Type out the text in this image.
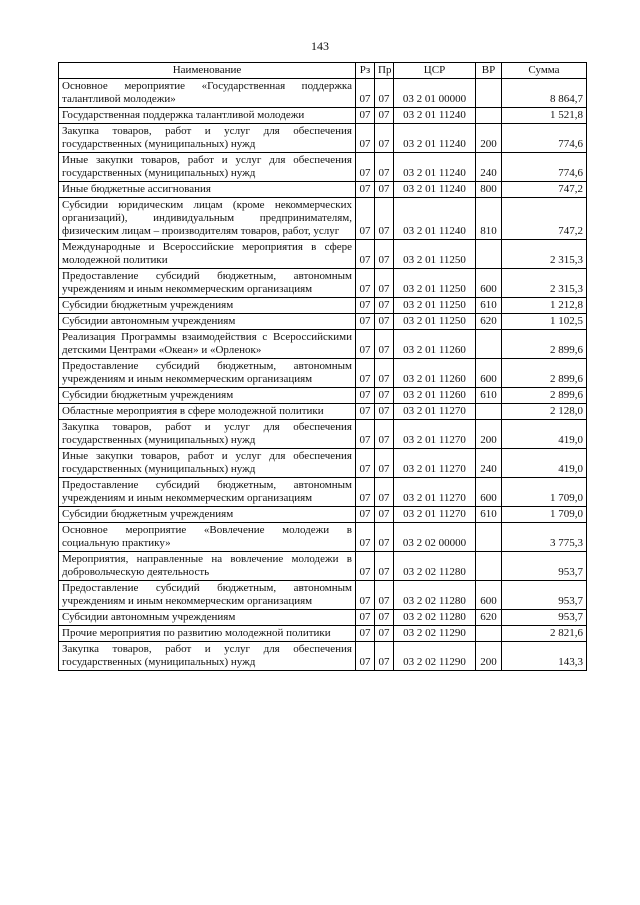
143
Наименование	Рз	Пр	ЦСР	ВР	Сумма
Основное мероприятие «Государственная поддержка талантливой молодежи»	07	07	03 2 01 00000		8 864,7
Государственная поддержка талантливой молодежи	07	07	03 2 01 11240		1 521,8
Закупка товаров, работ и услуг для обеспечения государственных (муниципальных) нужд	07	07	03 2 01 11240	200	774,6
Иные закупки товаров, работ и услуг для обеспечения государственных (муниципальных) нужд	07	07	03 2 01 11240	240	774,6
Иные бюджетные ассигнования	07	07	03 2 01 11240	800	747,2
Субсидии юридическим лицам (кроме некоммерческих организаций), индивидуальным предпринимателям, физическим лицам – производителям товаров, работ, услуг	07	07	03 2 01 11240	810	747,2
Международные и Всероссийские мероприятия в сфере молодежной политики	07	07	03 2 01 11250		2 315,3
Предоставление субсидий бюджетным, автономным учреждениям и иным некоммерческим организациям	07	07	03 2 01 11250	600	2 315,3
Субсидии бюджетным учреждениям	07	07	03 2 01 11250	610	1 212,8
Субсидии автономным учреждениям	07	07	03 2 01 11250	620	1 102,5
Реализация Программы взаимодействия с Всероссийскими детскими Центрами «Океан» и «Орленок»	07	07	03 2 01 11260		2 899,6
Предоставление субсидий бюджетным, автономным учреждениям и иным некоммерческим организациям	07	07	03 2 01 11260	600	2 899,6
Субсидии бюджетным учреждениям	07	07	03 2 01 11260	610	2 899,6
Областные мероприятия в сфере молодежной политики	07	07	03 2 01 11270		2 128,0
Закупка товаров, работ и услуг для обеспечения государственных (муниципальных) нужд	07	07	03 2 01 11270	200	419,0
Иные закупки товаров, работ и услуг для обеспечения государственных (муниципальных) нужд	07	07	03 2 01 11270	240	419,0
Предоставление субсидий бюджетным, автономным учреждениям и иным некоммерческим организациям	07	07	03 2 01 11270	600	1 709,0
Субсидии бюджетным учреждениям	07	07	03 2 01 11270	610	1 709,0
Основное мероприятие «Вовлечение молодежи в социальную практику»	07	07	03 2 02 00000		3 775,3
Мероприятия, направленные на вовлечение молодежи в добровольческую деятельность	07	07	03 2 02 11280		953,7
Предоставление субсидий бюджетным, автономным учреждениям и иным некоммерческим организациям	07	07	03 2 02 11280	600	953,7
Субсидии автономным учреждениям	07	07	03 2 02 11280	620	953,7
Прочие мероприятия по развитию молодежной политики	07	07	03 2 02 11290		2 821,6
Закупка товаров, работ и услуг для обеспечения государственных (муниципальных) нужд	07	07	03 2 02 11290	200	143,3
